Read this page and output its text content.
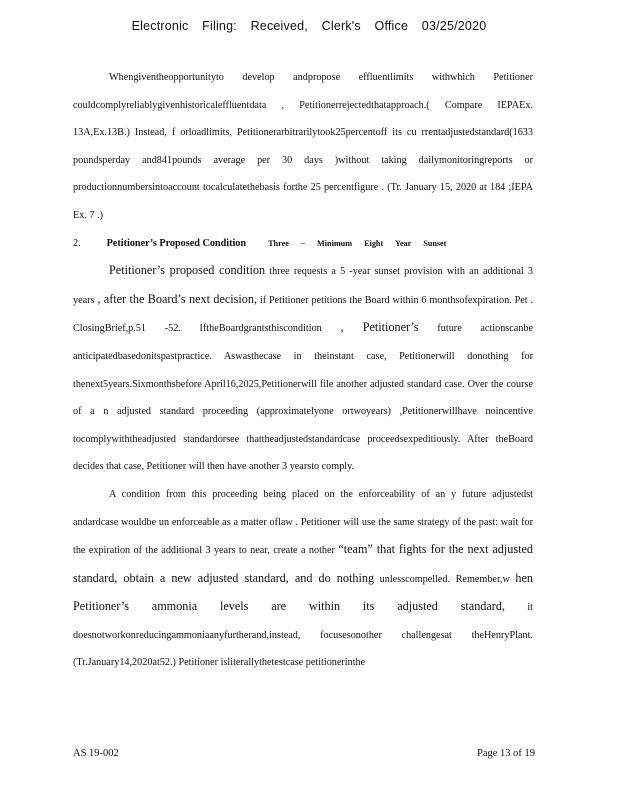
Electronic Filing: Received, Clerk's Office 03/25/2020

Whengiventheopportunityto develop andpropose effluentlimits withwhich Petitioner couldcomplyreliablygivenhistoricaleffluentdata , Petitionerrejectedthatapproach.( Compare IEPAEx. 13A,Ex.13B.) Instead, f orloadlimits, Petitionerarbitrarilytook25percentoff its cu rrentadjustedstandard(1633 poundsperday and841pounds average per 30 days )without taking dailymonitoringreports or productionnumbersintoaccount tocalculatethebasis forthe 25 percentfigure . (Tr. January 15, 2020 at 184 ;IEPA Ex. 7 .)

2.	Petitioner’s Proposed Condition	Three – Minimum Eight Year Sunset

Petitioner’s proposed condition three requests a 5 -year sunset provision with an additional 3 years , after the Board’s next decision, if Petitioner petitions the Board within 6 monthsofexpiration. Pet . ClosingBrief,p.51 -52. IftheBoardgrantsthiscondition , Petitioner’s future actionscanbe anticipatedbasedonitspastpractice. Aswasthecase in theinstant case, Petitionerwill donothing for thenext5years.Sixmonthsbefore April16,2025,Petitionerwill file another adjusted standard case. Over the course of a n adjusted standard proceeding (approximatelyone ortwoyears) ,Petitionerwillhave noincentive tocomplywiththeadjusted standardorsee thattheadjustedstandardcase proceedsexpeditiously. After theBoard decides that case, Petitioner will then have another 3 yearsto comply.

A condition from this proceeding being placed on the enforceability of an y future adjustedst andardcase wouldbe un enforceable as a matter oflaw . Petitioner will use the same strategy of the past: wait for the expiration of the additional 3 years to near, create a nother “team” that fights for the next adjusted standard, obtain a new adjusted standard, and do nothing unlesscompelled. Remember,w hen Petitioner’s ammonia levels are within its adjusted standard, it doesnotworkonreducingammoniaanyfurtherand,instead, focusesonother challengesat theHenryPlant.(Tr.January14,2020at52.) Petitioner isliterallythetestcase petitionerinthe

AS 19-002	Page 13 of 19
